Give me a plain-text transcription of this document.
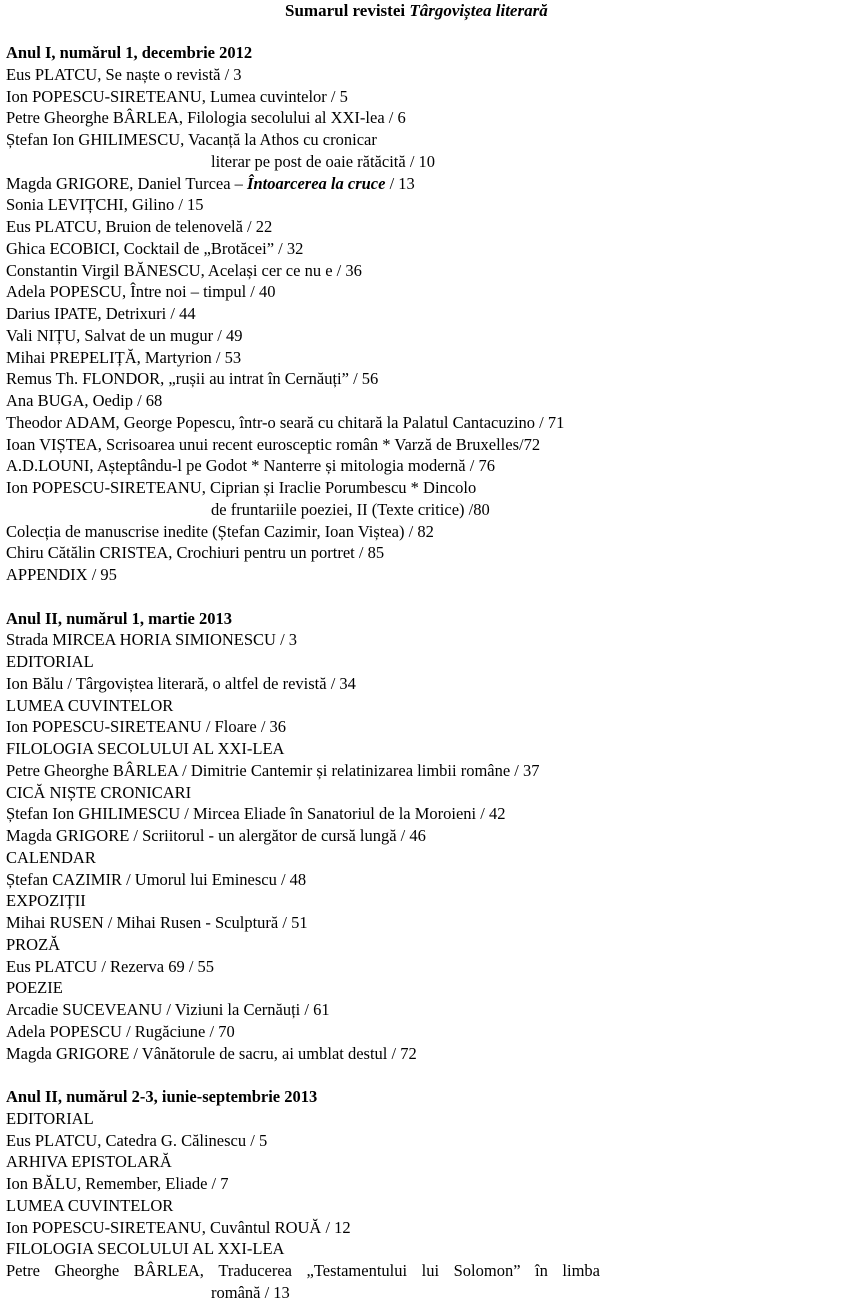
Sumarul revistei Târgoviștea literară
Anul I, numărul 1, decembrie 2012
Eus PLATCU, Se naște o revistă / 3
Ion POPESCU-SIRETEANU, Lumea cuvintelor / 5
Petre Gheorghe BÂRLEA, Filologia secolului al XXI-lea / 6
Ștefan Ion GHILIMESCU, Vacanță la Athos cu cronicar
literar pe post de oaie rătăcită / 10
Magda GRIGORE, Daniel Turcea – Întoarcerea la cruce / 13
Sonia LEVIȚCHI, Gilino / 15
Eus PLATCU, Bruion de telenovelă / 22
Ghica ECOBICI, Cocktail de „Brotăcei” / 32
Constantin Virgil BĂNESCU, Același cer ce nu e / 36
Adela POPESCU, Între noi – timpul / 40
Darius IPATE, Detrixuri / 44
Vali NIȚU, Salvat de un mugur / 49
Mihai PREPELIȚĂ, Martyrion / 53
Remus Th. FLONDOR, „rușii au intrat în Cernăuți” / 56
Ana BUGA, Oedip / 68
Theodor ADAM, George Popescu, într-o seară cu chitară la Palatul Cantacuzino / 71
Ioan VIȘTEA, Scrisoarea unui recent eurosceptic român * Varză de Bruxelles/72
A.D.LOUNI, Așteptându-l pe Godot * Nanterre și mitologia modernă / 76
Ion POPESCU-SIRETEANU, Ciprian și Iraclie Porumbescu * Dincolo
de fruntariile poeziei, II (Texte critice) /80
Colecția de manuscrise inedite (Ștefan Cazimir, Ioan Viștea) / 82
Chiru Cătălin CRISTEA, Crochiuri pentru un portret / 85
APPENDIX / 95
Anul II, numărul 1, martie 2013
Strada MIRCEA HORIA SIMIONESCU / 3
EDITORIAL
Ion Bălu / Târgoviștea literară, o altfel de revistă / 34
LUMEA CUVINTELOR
Ion POPESCU-SIRETEANU / Floare / 36
FILOLOGIA SECOLULUI AL XXI-LEA
Petre Gheorghe BÂRLEA / Dimitrie Cantemir și relatinizarea limbii române / 37
CICĂ NIȘTE CRONICARI
Ștefan Ion GHILIMESCU / Mircea Eliade în Sanatoriul de la Moroieni / 42
Magda GRIGORE / Scriitorul - un alergător de cursă lungă / 46
CALENDAR
Ștefan CAZIMIR / Umorul lui Eminescu / 48
EXPOZIȚII
Mihai RUSEN / Mihai Rusen - Sculptură / 51
PROZĂ
Eus PLATCU / Rezerva 69 / 55
POEZIE
Arcadie SUCEVEANU / Viziuni la Cernăuți / 61
Adela POPESCU / Rugăciune / 70
Magda GRIGORE / Vânătorule de sacru, ai umblat destul / 72
Anul II, numărul 2-3, iunie-septembrie 2013
EDITORIAL
Eus PLATCU, Catedra G. Călinescu / 5
ARHIVA EPISTOLARĂ
Ion BĂLU, Remember, Eliade / 7
LUMEA CUVINTELOR
Ion POPESCU-SIRETEANU, Cuvântul ROUĂ / 12
FILOLOGIA SECOLULUI AL XXI-LEA
Petre Gheorghe BÂRLEA, Traducerea „Testamentului lui Solomon” în limba
română / 13
